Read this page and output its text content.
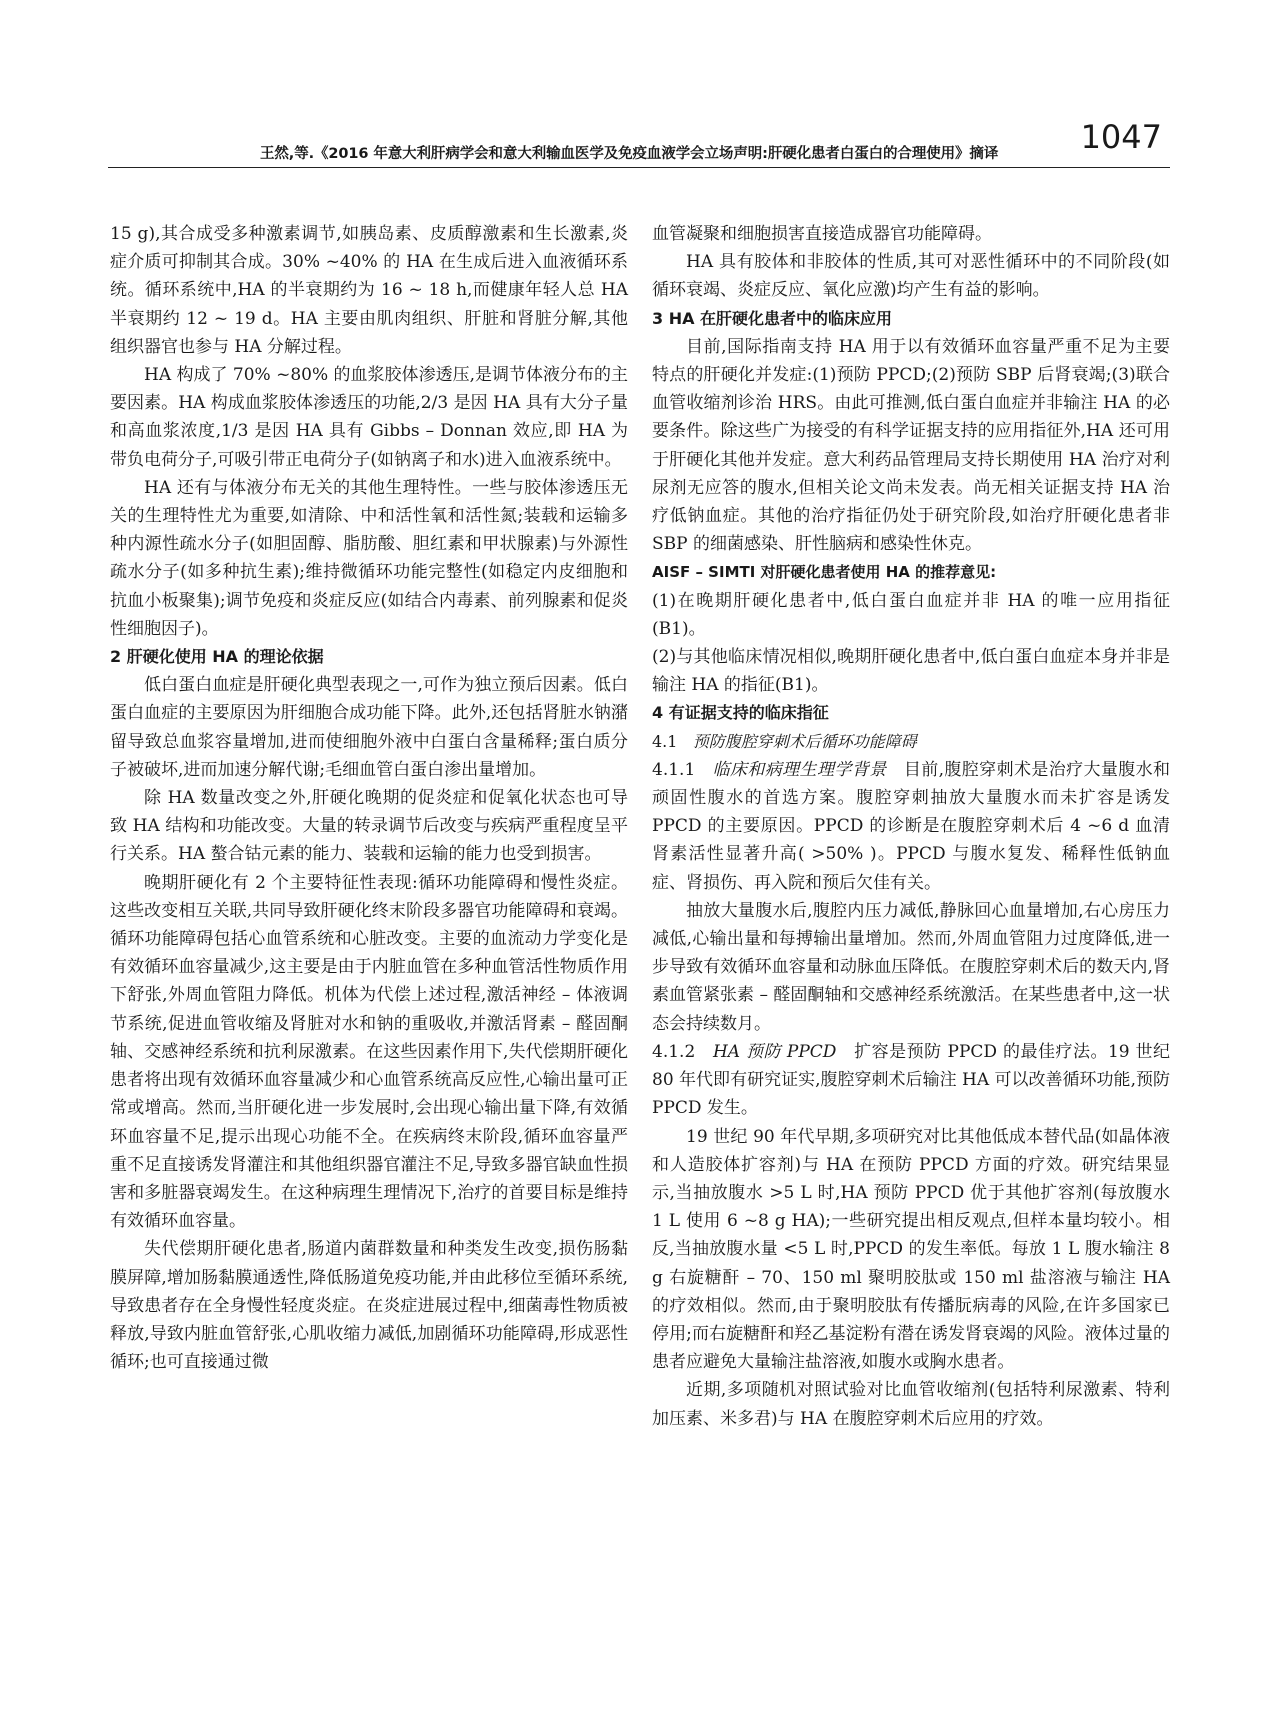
王然,等.《2016 年意大利肝病学会和意大利输血医学及免疫血液学会立场声明:肝硬化患者白蛋白的合理使用》摘译	1047

15 g),其合成受多种激素调节,如胰岛素、皮质醇激素和生长激素,炎症介质可抑制其合成。30% ~40% 的 HA 在生成后进入血液循环系统。循环系统中,HA 的半衰期约为 16 ~ 18 h,而健康年轻人总 HA 半衰期约 12 ~ 19 d。HA 主要由肌肉组织、肝脏和肾脏分解,其他组织器官也参与 HA 分解过程。

HA 构成了 70% ~80% 的血浆胶体渗透压,是调节体液分布的主要因素。HA 构成血浆胶体渗透压的功能,2/3 是因 HA 具有大分子量和高血浆浓度,1/3 是因 HA 具有 Gibbs – Donnan 效应,即 HA 为带负电荷分子,可吸引带正电荷分子(如钠离子和水)进入血液系统中。

HA 还有与体液分布无关的其他生理特性。一些与胶体渗透压无关的生理特性尤为重要,如清除、中和活性氧和活性氮;装载和运输多种内源性疏水分子(如胆固醇、脂肪酸、胆红素和甲状腺素)与外源性疏水分子(如多种抗生素);维持微循环功能完整性(如稳定内皮细胞和抗血小板聚集);调节免疫和炎症反应(如结合内毒素、前列腺素和促炎性细胞因子)。

2 肝硬化使用 HA 的理论依据

低白蛋白血症是肝硬化典型表现之一,可作为独立预后因素。低白蛋白血症的主要原因为肝细胞合成功能下降。此外,还包括肾脏水钠潴留导致总血浆容量增加,进而使细胞外液中白蛋白含量稀释;蛋白质分子被破坏,进而加速分解代谢;毛细血管白蛋白渗出量增加。

除 HA 数量改变之外,肝硬化晚期的促炎症和促氧化状态也可导致 HA 结构和功能改变。大量的转录调节后改变与疾病严重程度呈平行关系。HA 螯合钴元素的能力、装载和运输的能力也受到损害。

晚期肝硬化有 2 个主要特征性表现:循环功能障碍和慢性炎症。这些改变相互关联,共同导致肝硬化终末阶段多器官功能障碍和衰竭。循环功能障碍包括心血管系统和心脏改变。主要的血流动力学变化是有效循环血容量减少,这主要是由于内脏血管在多种血管活性物质作用下舒张,外周血管阻力降低。机体为代偿上述过程,激活神经 – 体液调节系统,促进血管收缩及肾脏对水和钠的重吸收,并激活肾素 – 醛固酮轴、交感神经系统和抗利尿激素。在这些因素作用下,失代偿期肝硬化患者将出现有效循环血容量减少和心血管系统高反应性,心输出量可正常或增高。然而,当肝硬化进一步发展时,会出现心输出量下降,有效循环血容量不足,提示出现心功能不全。在疾病终末阶段,循环血容量严重不足直接诱发肾灌注和其他组织器官灌注不足,导致多器官缺血性损害和多脏器衰竭发生。在这种病理生理情况下,治疗的首要目标是维持有效循环血容量。

失代偿期肝硬化患者,肠道内菌群数量和种类发生改变,损伤肠黏膜屏障,增加肠黏膜通透性,降低肠道免疫功能,并由此移位至循环系统,导致患者存在全身慢性轻度炎症。在炎症进展过程中,细菌毒性物质被释放,导致内脏血管舒张,心肌收缩力减低,加剧循环功能障碍,形成恶性循环;也可直接通过微

血管凝聚和细胞损害直接造成器官功能障碍。

HA 具有胶体和非胶体的性质,其可对恶性循环中的不同阶段(如循环衰竭、炎症反应、氧化应激)均产生有益的影响。

3 HA 在肝硬化患者中的临床应用

目前,国际指南支持 HA 用于以有效循环血容量严重不足为主要特点的肝硬化并发症:(1)预防 PPCD;(2)预防 SBP 后肾衰竭;(3)联合血管收缩剂诊治 HRS。由此可推测,低白蛋白血症并非输注 HA 的必要条件。除这些广为接受的有科学证据支持的应用指征外,HA 还可用于肝硬化其他并发症。意大利药品管理局支持长期使用 HA 治疗对利尿剂无应答的腹水,但相关论文尚未发表。尚无相关证据支持 HA 治疗低钠血症。其他的治疗指征仍处于研究阶段,如治疗肝硬化患者非 SBP 的细菌感染、肝性脑病和感染性休克。

AISF – SIMTI 对肝硬化患者使用 HA 的推荐意见:

(1)在晚期肝硬化患者中,低白蛋白血症并非 HA 的唯一应用指征(B1)。

(2)与其他临床情况相似,晚期肝硬化患者中,低白蛋白血症本身并非是输注 HA 的指征(B1)。

4 有证据支持的临床指征
4.1 预防腹腔穿刺术后循环功能障碍

4.1.1 临床和病理生理学背景 目前,腹腔穿刺术是治疗大量腹水和顽固性腹水的首选方案。腹腔穿刺抽放大量腹水而未扩容是诱发 PPCD 的主要原因。PPCD 的诊断是在腹腔穿刺术后 4 ~6 d 血清肾素活性显著升高( >50% )。PPCD 与腹水复发、稀释性低钠血症、肾损伤、再入院和预后欠佳有关。

抽放大量腹水后,腹腔内压力减低,静脉回心血量增加,右心房压力减低,心输出量和每搏输出量增加。然而,外周血管阻力过度降低,进一步导致有效循环血容量和动脉血压降低。在腹腔穿刺术后的数天内,肾素血管紧张素 – 醛固酮轴和交感神经系统激活。在某些患者中,这一状态会持续数月。

4.1.2 HA 预防 PPCD 扩容是预防 PPCD 的最佳疗法。19 世纪 80 年代即有研究证实,腹腔穿刺术后输注 HA 可以改善循环功能,预防 PPCD 发生。

19 世纪 90 年代早期,多项研究对比其他低成本替代品(如晶体液和人造胶体扩容剂)与 HA 在预防 PPCD 方面的疗效。研究结果显示,当抽放腹水 >5 L 时,HA 预防 PPCD 优于其他扩容剂(每放腹水 1 L 使用 6 ~8 g HA);一些研究提出相反观点,但样本量均较小。相反,当抽放腹水量 <5 L 时,PPCD 的发生率低。每放 1 L 腹水输注 8 g 右旋糖酐 – 70、150 ml 聚明胶肽或 150 ml 盐溶液与输注 HA 的疗效相似。然而,由于聚明胶肽有传播朊病毒的风险,在许多国家已停用;而右旋糖酐和羟乙基淀粉有潜在诱发肾衰竭的风险。液体过量的患者应避免大量输注盐溶液,如腹水或胸水患者。

近期,多项随机对照试验对比血管收缩剂(包括特利尿激素、特利加压素、米多君)与 HA 在腹腔穿刺术后应用的疗效。
